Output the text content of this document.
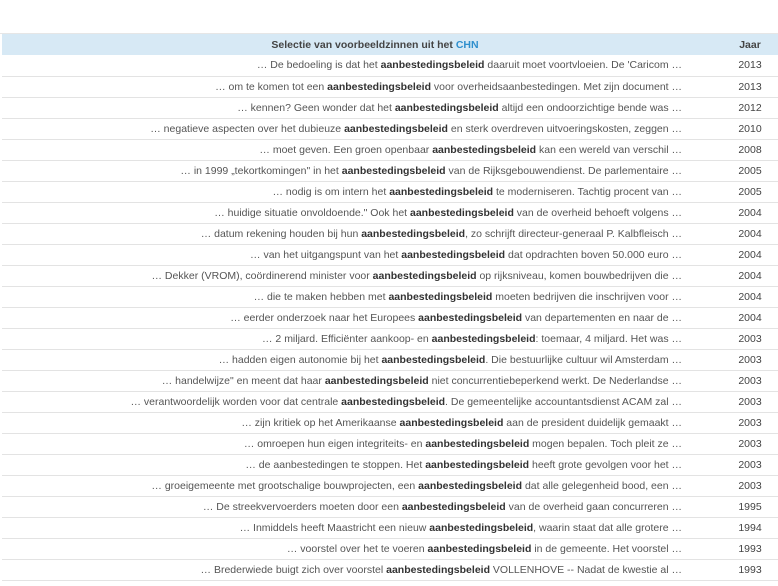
Selectie van voorbeeldzinnen uit het CHN	Jaar
… De bedoeling is dat het aanbestedingsbeleid daaruit moet voortvloeien. De 'Caricom …	2013
… om te komen tot een aanbestedingsbeleid voor overheidsaanbestedingen. Met zijn document …	2013
… kennen? Geen wonder dat het aanbestedingsbeleid altijd een ondoorzichtige bende was …	2012
… negatieve aspecten over het dubieuze aanbestedingsbeleid en sterk overdreven uitvoeringskosten, zeggen …	2010
… moet geven. Een groen openbaar aanbestedingsbeleid kan een wereld van verschil …	2008
… in 1999 „tekortkomingen" in het aanbestedingsbeleid van de Rijksgebouwendienst. De parlementaire …	2005
… nodig is om intern het aanbestedingsbeleid te moderniseren. Tachtig procent van …	2005
… huidige situatie onvoldoende." Ook het aanbestedingsbeleid van de overheid behoeft volgens …	2004
… datum rekening houden bij hun aanbestedingsbeleid, zo schrijft directeur-generaal P. Kalbfleisch …	2004
… van het uitgangspunt van het aanbestedingsbeleid dat opdrachten boven 50.000 euro …	2004
… Dekker (VROM), coördinerend minister voor aanbestedingsbeleid op rijksniveau, komen bouwbedrijven die …	2004
… die te maken hebben met aanbestedingsbeleid moeten bedrijven die inschrijven voor …	2004
… eerder onderzoek naar het Europees aanbestedingsbeleid van departementen en naar de …	2004
… 2 miljard. Efficiënter aankoop- en aanbestedingsbeleid: toemaar, 4 miljard. Het was …	2003
… hadden eigen autonomie bij het aanbestedingsbeleid. Die bestuurlijke cultuur wil Amsterdam …	2003
… handelwijze" en meent dat haar aanbestedingsbeleid niet concurrentiebeperkend werkt. De Nederlandse …	2003
… verantwoordelijk worden voor dat centrale aanbestedingsbeleid. De gemeentelijke accountantsdienst ACAM zal …	2003
… zijn kritiek op het Amerikaanse aanbestedingsbeleid aan de president duidelijk gemaakt …	2003
… omroepen hun eigen integriteits- en aanbestedingsbeleid mogen bepalen. Toch pleit ze …	2003
… de aanbestedingen te stoppen. Het aanbestedingsbeleid heeft grote gevolgen voor het …	2003
… groeigemeente met grootschalige bouwprojecten, een aanbestedingsbeleid dat alle gelegenheid bood, een …	2003
… De streekvervoerders moeten door een aanbestedingsbeleid van de overheid gaan concurreren …	1995
… Inmiddels heeft Maastricht een nieuw aanbestedingsbeleid, waarin staat dat alle grotere …	1994
… voorstel over het te voeren aanbestedingsbeleid in de gemeente. Het voorstel …	1993
… Brederwiede buigt zich over voorstel aanbestedingsbeleid VOLLENHOVE -- Nadat de kwestie al …	1993
